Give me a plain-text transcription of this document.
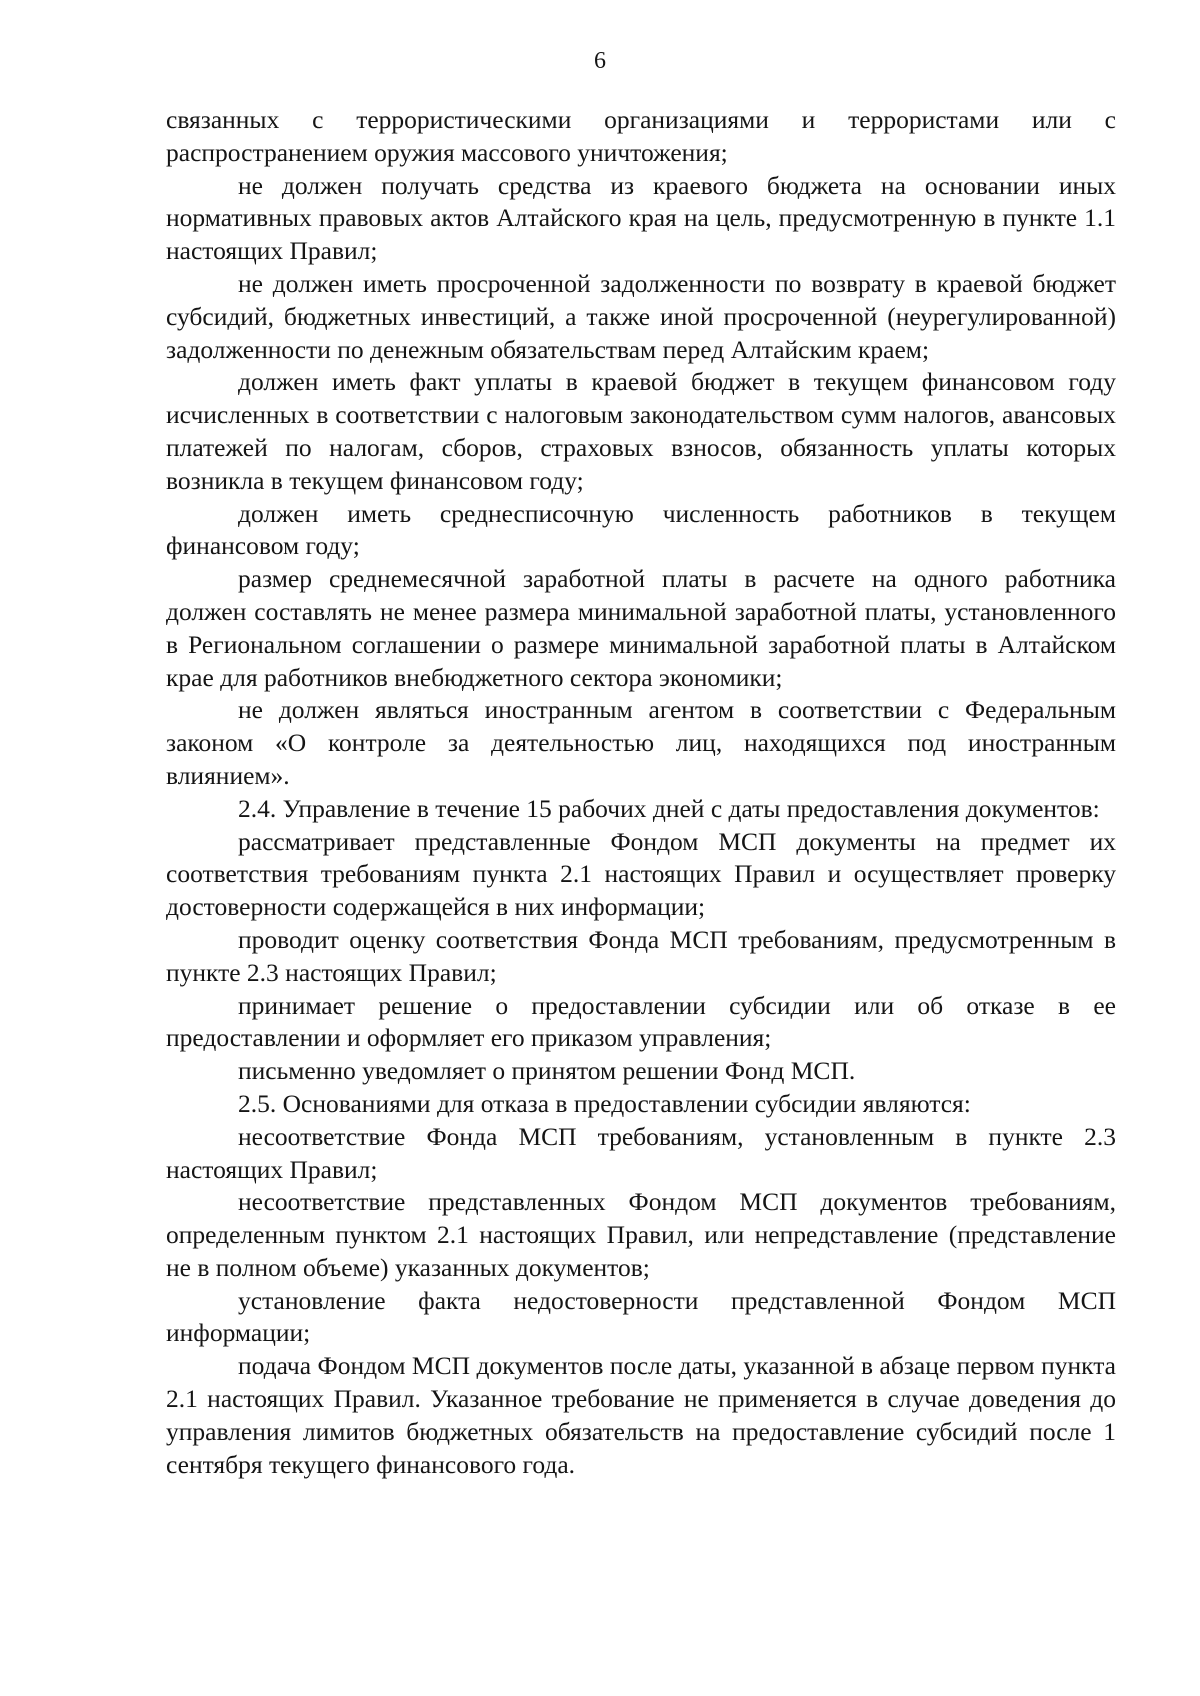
6

связанных с террористическими организациями и террористами или с распространением оружия массового уничтожения;

не должен получать средства из краевого бюджета на основании иных нормативных правовых актов Алтайского края на цель, предусмотренную в пункте 1.1 настоящих Правил;

не должен иметь просроченной задолженности по возврату в краевой бюджет субсидий, бюджетных инвестиций, а также иной просроченной (неурегулированной) задолженности по денежным обязательствам перед Алтайским краем;

должен иметь факт уплаты в краевой бюджет в текущем финансовом году исчисленных в соответствии с налоговым законодательством сумм налогов, авансовых платежей по налогам, сборов, страховых взносов, обязанность уплаты которых возникла в текущем финансовом году;

должен иметь среднесписочную численность работников в текущем финансовом году;

размер среднемесячной заработной платы в расчете на одного работника должен составлять не менее размера минимальной заработной платы, установленного в Региональном соглашении о размере минимальной заработной платы в Алтайском крае для работников внебюджетного сектора экономики;

не должен являться иностранным агентом в соответствии с Федеральным законом «О контроле за деятельностью лиц, находящихся под иностранным влиянием».

2.4. Управление в течение 15 рабочих дней с даты предоставления документов:

рассматривает представленные Фондом МСП документы на предмет их соответствия требованиям пункта 2.1 настоящих Правил и осуществляет проверку достоверности содержащейся в них информации;

проводит оценку соответствия Фонда МСП требованиям, предусмотренным в пункте 2.3 настоящих Правил;

принимает решение о предоставлении субсидии или об отказе в ее предоставлении и оформляет его приказом управления;

письменно уведомляет о принятом решении Фонд МСП.

2.5. Основаниями для отказа в предоставлении субсидии являются:

несоответствие Фонда МСП требованиям, установленным в пункте 2.3 настоящих Правил;

несоответствие представленных Фондом МСП документов требованиям, определенным пунктом 2.1 настоящих Правил, или непредставление (представление не в полном объеме) указанных документов;

установление факта недостоверности представленной Фондом МСП информации;

подача Фондом МСП документов после даты, указанной в абзаце первом пункта 2.1 настоящих Правил. Указанное требование не применяется в случае доведения до управления лимитов бюджетных обязательств на предоставление субсидий после 1 сентября текущего финансового года.
